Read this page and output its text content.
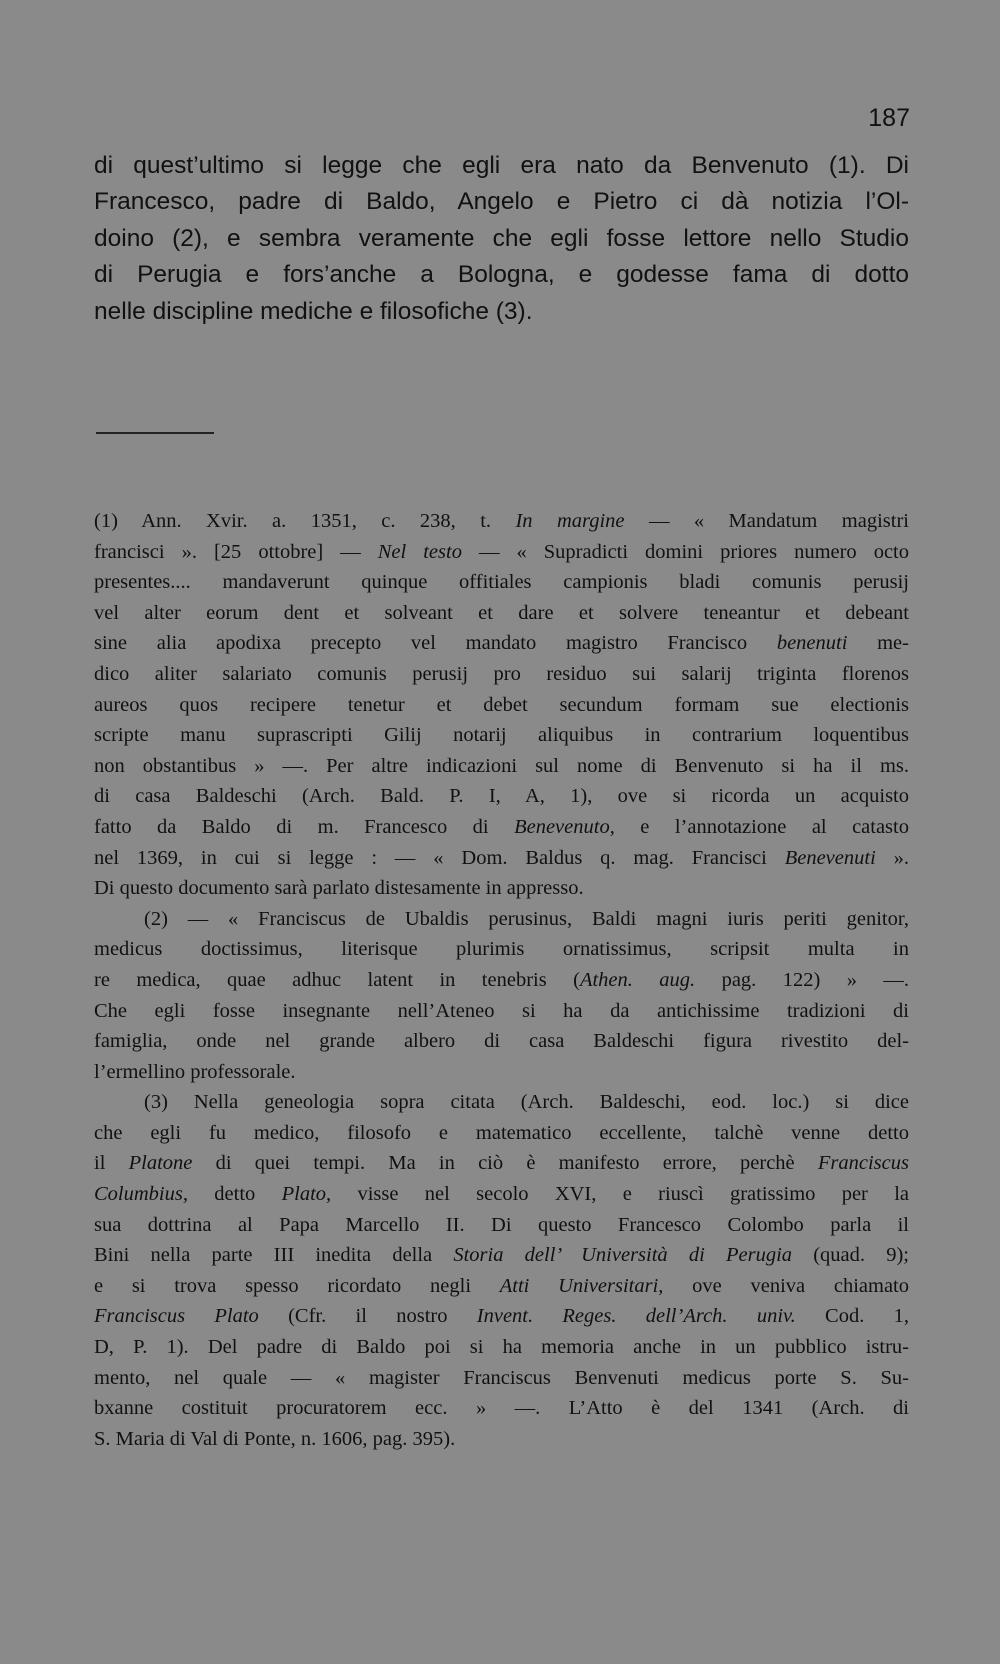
187
di quest’ultimo si legge che egli era nato da Benvenuto (1). Di
Francesco, padre di Baldo, Angelo e Pietro ci dà notizia l’Ol-
doino (2), e sembra veramente che egli fosse lettore nello Studio
di Perugia e fors’anche a Bologna, e godesse fama di dotto
nelle discipline mediche e filosofiche (3).
(1) Ann. Xvir. a. 1351, c. 238, t. In margine — « Mandatum magistri
francisci ». [25 ottobre] — Nel testo — « Supradicti domini priores numero octo
presentes.... mandaverunt quinque offitiales campionis bladi comunis perusij
vel alter eorum dent et solveant et dare et solvere teneantur et debeant
sine alia apodixa precepto vel mandato magistro Francisco benenuti me-
dico aliter salariato comunis perusij pro residuo sui salarij triginta florenos
aureos quos recipere tenetur et debet secundum formam sue electionis
scripte manu suprascripti Gilij notarij aliquibus in contrarium loquentibus
non obstantibus » —. Per altre indicazioni sul nome di Benvenuto si ha il ms.
di casa Baldeschi (Arch. Bald. P. I, A, 1), ove si ricorda un acquisto
fatto da Baldo di m. Francesco di Benevenuto, e l’annotazione al catasto
nel 1369, in cui si legge : — « Dom. Baldus q. mag. Francisci Benevenuti ».
Di questo documento sarà parlato distesamente in appresso.
(2) — « Franciscus de Ubaldis perusinus, Baldi magni iuris periti genitor,
medicus doctissimus, literisque plurimis ornatissimus, scripsit multa in
re medica, quae adhuc latent in tenebris (Athen. aug. pag. 122) » —.
Che egli fosse insegnante nell’Ateneo si ha da antichissime tradizioni di
famiglia, onde nel grande albero di casa Baldeschi figura rivestito del-
l’ermellino professorale.
(3) Nella geneologia sopra citata (Arch. Baldeschi, eod. loc.) si dice
che egli fu medico, filosofo e matematico eccellente, talchè venne detto
il Platone di quei tempi. Ma in ciò è manifesto errore, perchè Franciscus
Columbius, detto Plato, visse nel secolo XVI, e riuscì gratissimo per la
sua dottrina al Papa Marcello II. Di questo Francesco Colombo parla il
Bini nella parte III inedita della Storia dell’ Università di Perugia (quad. 9);
e si trova spesso ricordato negli Atti Universitari, ove veniva chiamato
Franciscus Plato (Cfr. il nostro Invent. Reges. dell’Arch. univ. Cod. 1,
D, P. 1). Del padre di Baldo poi si ha memoria anche in un pubblico istru-
mento, nel quale — « magister Franciscus Benvenuti medicus porte S. Su-
bxanne costituit procuratorem ecc. » —. L’Atto è del 1341 (Arch. di
S. Maria di Val di Ponte, n. 1606, pag. 395).
